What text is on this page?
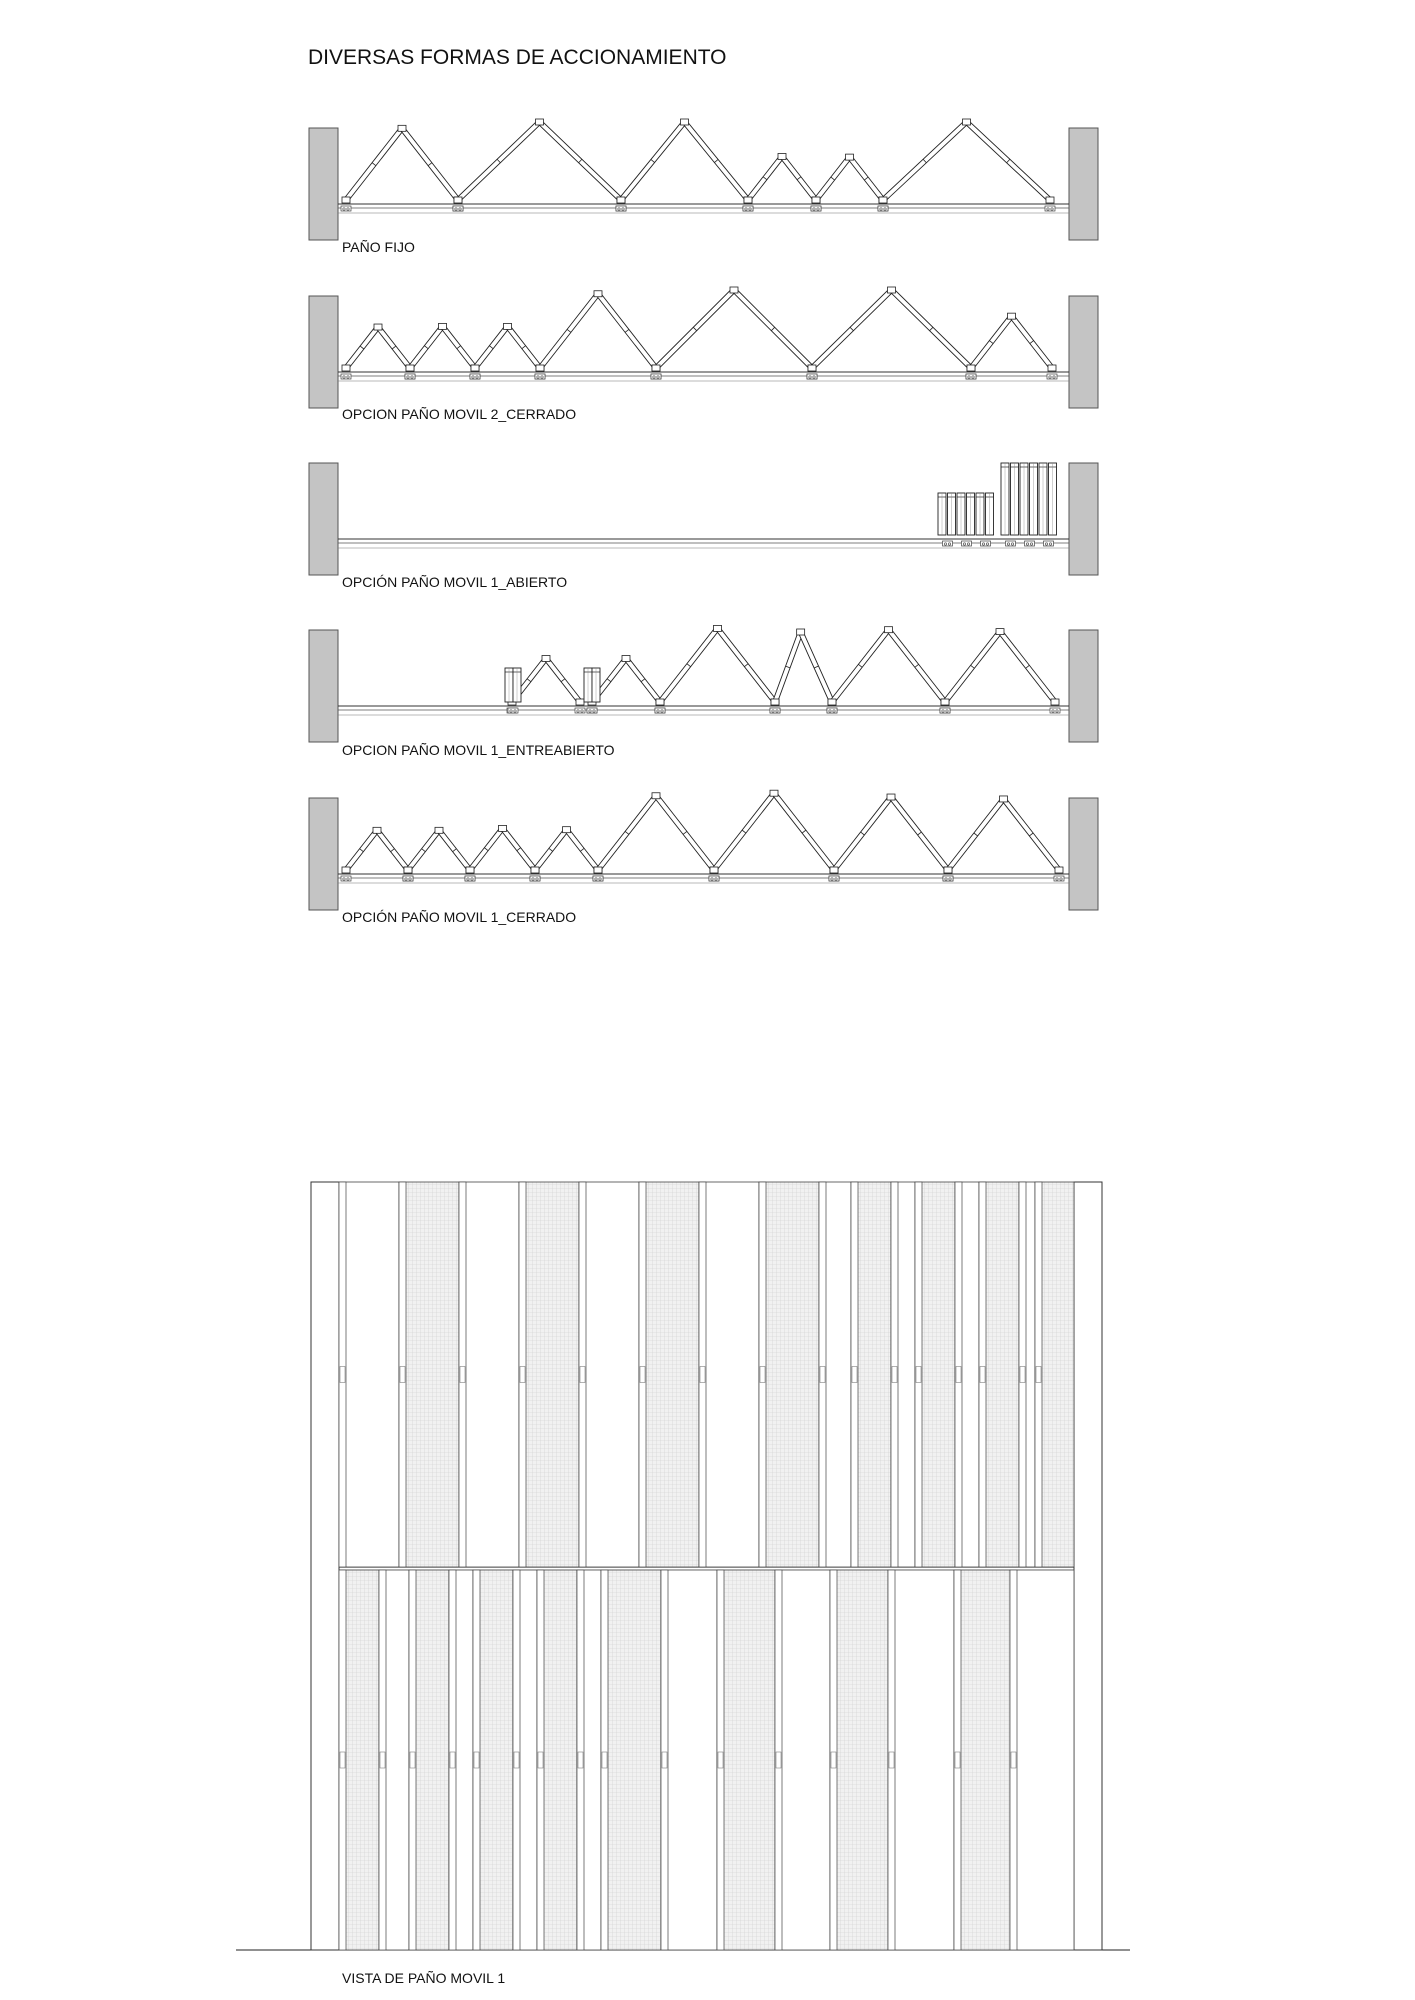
DIVERSAS FORMAS DE ACCIONAMIENTO
PAÑO FIJO
OPCION PAÑO MOVIL 2_CERRADO
OPCIÓN PAÑO MOVIL 1_ABIERTO
OPCION PAÑO MOVIL 1_ENTREABIERTO
OPCIÓN PAÑO MOVIL 1_CERRADO
VISTA DE PAÑO MOVIL 1
